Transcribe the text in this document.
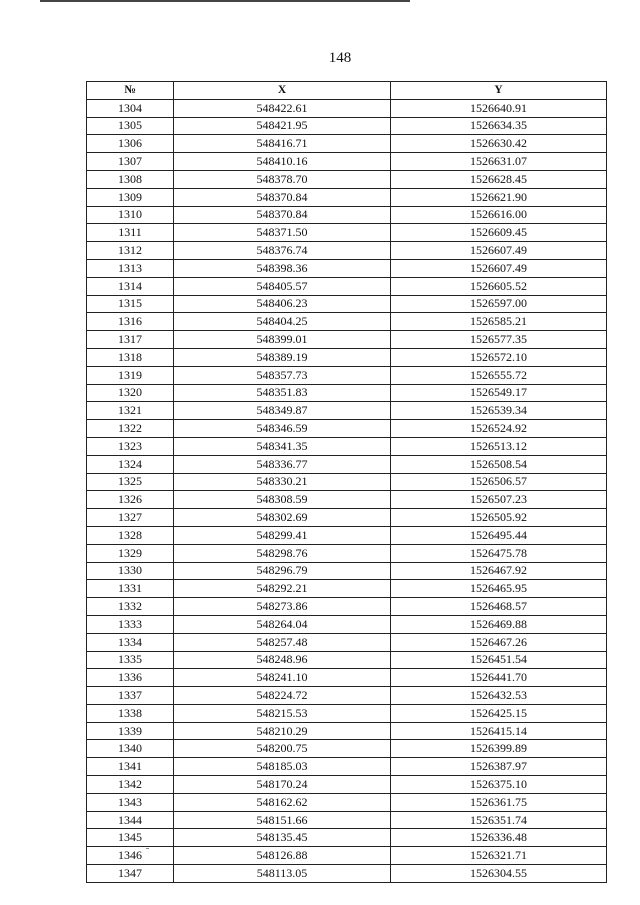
148
№	X	Y
1304	548422.61	1526640.91
1305	548421.95	1526634.35
1306	548416.71	1526630.42
1307	548410.16	1526631.07
1308	548378.70	1526628.45
1309	548370.84	1526621.90
1310	548370.84	1526616.00
1311	548371.50	1526609.45
1312	548376.74	1526607.49
1313	548398.36	1526607.49
1314	548405.57	1526605.52
1315	548406.23	1526597.00
1316	548404.25	1526585.21
1317	548399.01	1526577.35
1318	548389.19	1526572.10
1319	548357.73	1526555.72
1320	548351.83	1526549.17
1321	548349.87	1526539.34
1322	548346.59	1526524.92
1323	548341.35	1526513.12
1324	548336.77	1526508.54
1325	548330.21	1526506.57
1326	548308.59	1526507.23
1327	548302.69	1526505.92
1328	548299.41	1526495.44
1329	548298.76	1526475.78
1330	548296.79	1526467.92
1331	548292.21	1526465.95
1332	548273.86	1526468.57
1333	548264.04	1526469.88
1334	548257.48	1526467.26
1335	548248.96	1526451.54
1336	548241.10	1526441.70
1337	548224.72	1526432.53
1338	548215.53	1526425.15
1339	548210.29	1526415.14
1340	548200.75	1526399.89
1341	548185.03	1526387.97
1342	548170.24	1526375.10
1343	548162.62	1526361.75
1344	548151.66	1526351.74
1345	548135.45	1526336.48
1346	548126.88	1526321.71
1347	548113.05	1526304.55
